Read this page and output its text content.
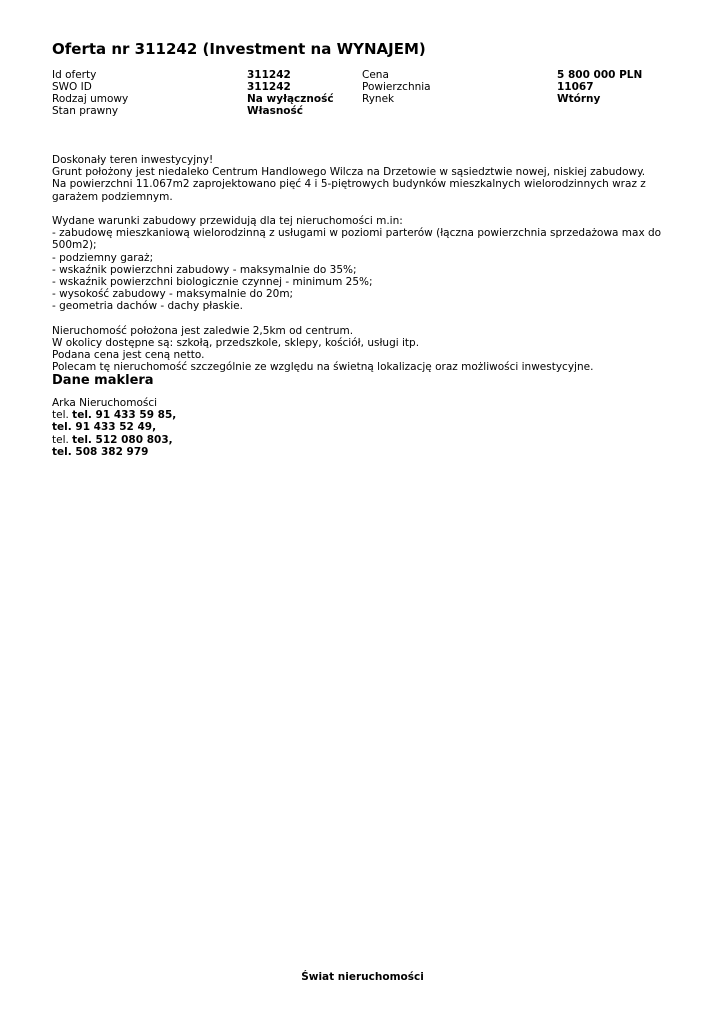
Oferta nr 311242 (Investment na WYNAJEM)
Id oferty	311242	Cena	5 800 000 PLN
SWO ID	311242	Powierzchnia	11067
Rodzaj umowy	Na wyłączność	Rynek	Wtórny
Stan prawny	Własność

Doskonały teren inwestycyjny!
Grunt położony jest niedaleko Centrum Handlowego Wilcza na Drzetowie w sąsiedztwie nowej, niskiej zabudowy.
Na powierzchni 11.067m2 zaprojektowano pięć 4 i 5-piętrowych budynków mieszkalnych wielorodzinnych wraz z garażem podziemnym.

Wydane warunki zabudowy przewidują dla tej nieruchomości m.in:
- zabudowę mieszkaniową wielorodzinną z usługami w poziomi parterów (łączna powierzchnia sprzedażowa max do 500m2);
- podziemny garaż;
- wskaźnik powierzchni zabudowy - maksymalnie do 35%;
- wskaźnik powierzchni biologicznie czynnej - minimum 25%;
- wysokość zabudowy - maksymalnie do 20m;
- geometria dachów - dachy płaskie.

Nieruchomość położona jest zaledwie 2,5km od centrum.
W okolicy dostępne są: szkołą, przedszkole, sklepy, kościół, usługi itp.
Podana cena jest ceną netto.
Polecam tę nieruchomość szczególnie ze względu na świetną lokalizację oraz możliwości inwestycyjne.

Dane maklera
Arka Nieruchomości
tel. tel. 91 433 59 85,
tel. 91 433 52 49,
tel. tel. 512 080 803,
tel. 508 382 979
Świat nieruchomości
